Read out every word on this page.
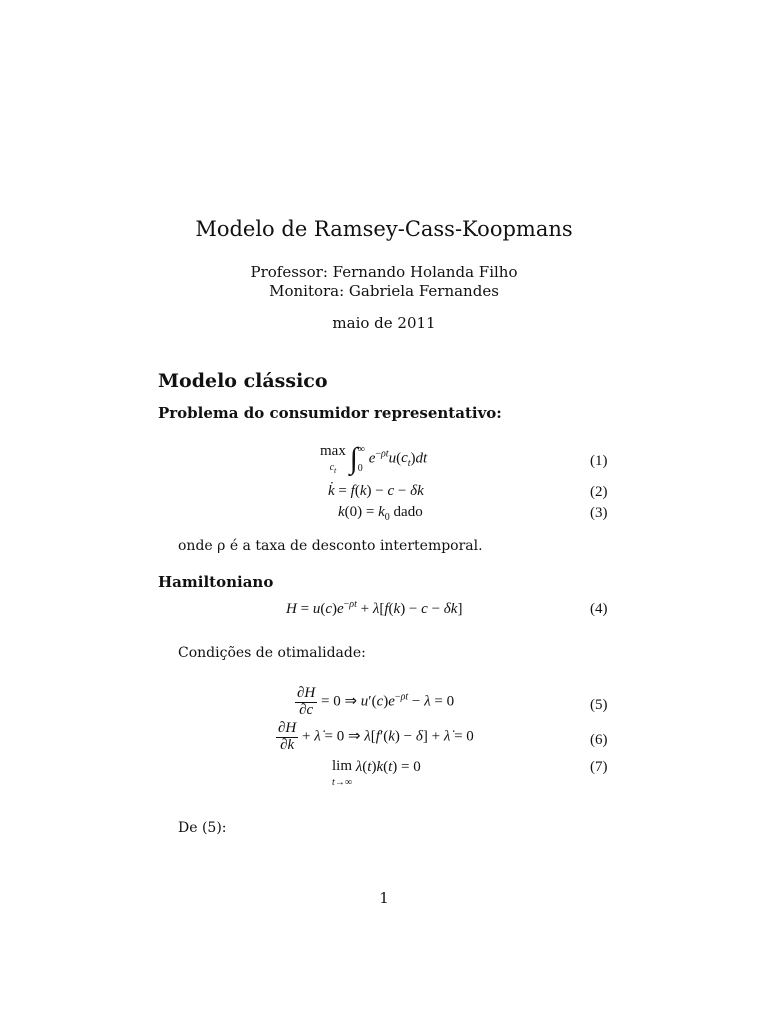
Modelo de Ramsey-Cass-Koopmans
Professor: Fernando Holanda Filho
Monitora: Gabriela Fernandes
maio de 2011
Modelo clássico
Problema do consumidor representativo:
max
$c_t$ ∫∞
0 $e^{-\rho t}u(c_t)dt$	(1)
k̇ = f(k) − c − δk	(2)
$k(0) = k_0$ dado	(3)
onde ρ é a taxa de desconto intertemporal.
Hamiltoniano
$H = u(c)e^{-\rho t} + \lambda[f(k) - c - \delta k]$	(4)
Condições de otimalidade:
$\frac{\partial H}{\partial c} = 0$ ⇒ $u'(c)e^{-\rho t} - \lambda = 0$	(5)
$\frac{\partial H}{\partial k}$ + λ̇ = 0 ⇒ λ[f′(k) − δ] + λ̇ = 0	(6)
lim
t→∞ λ(t)k(t) = 0	(7)
De (5):
1
